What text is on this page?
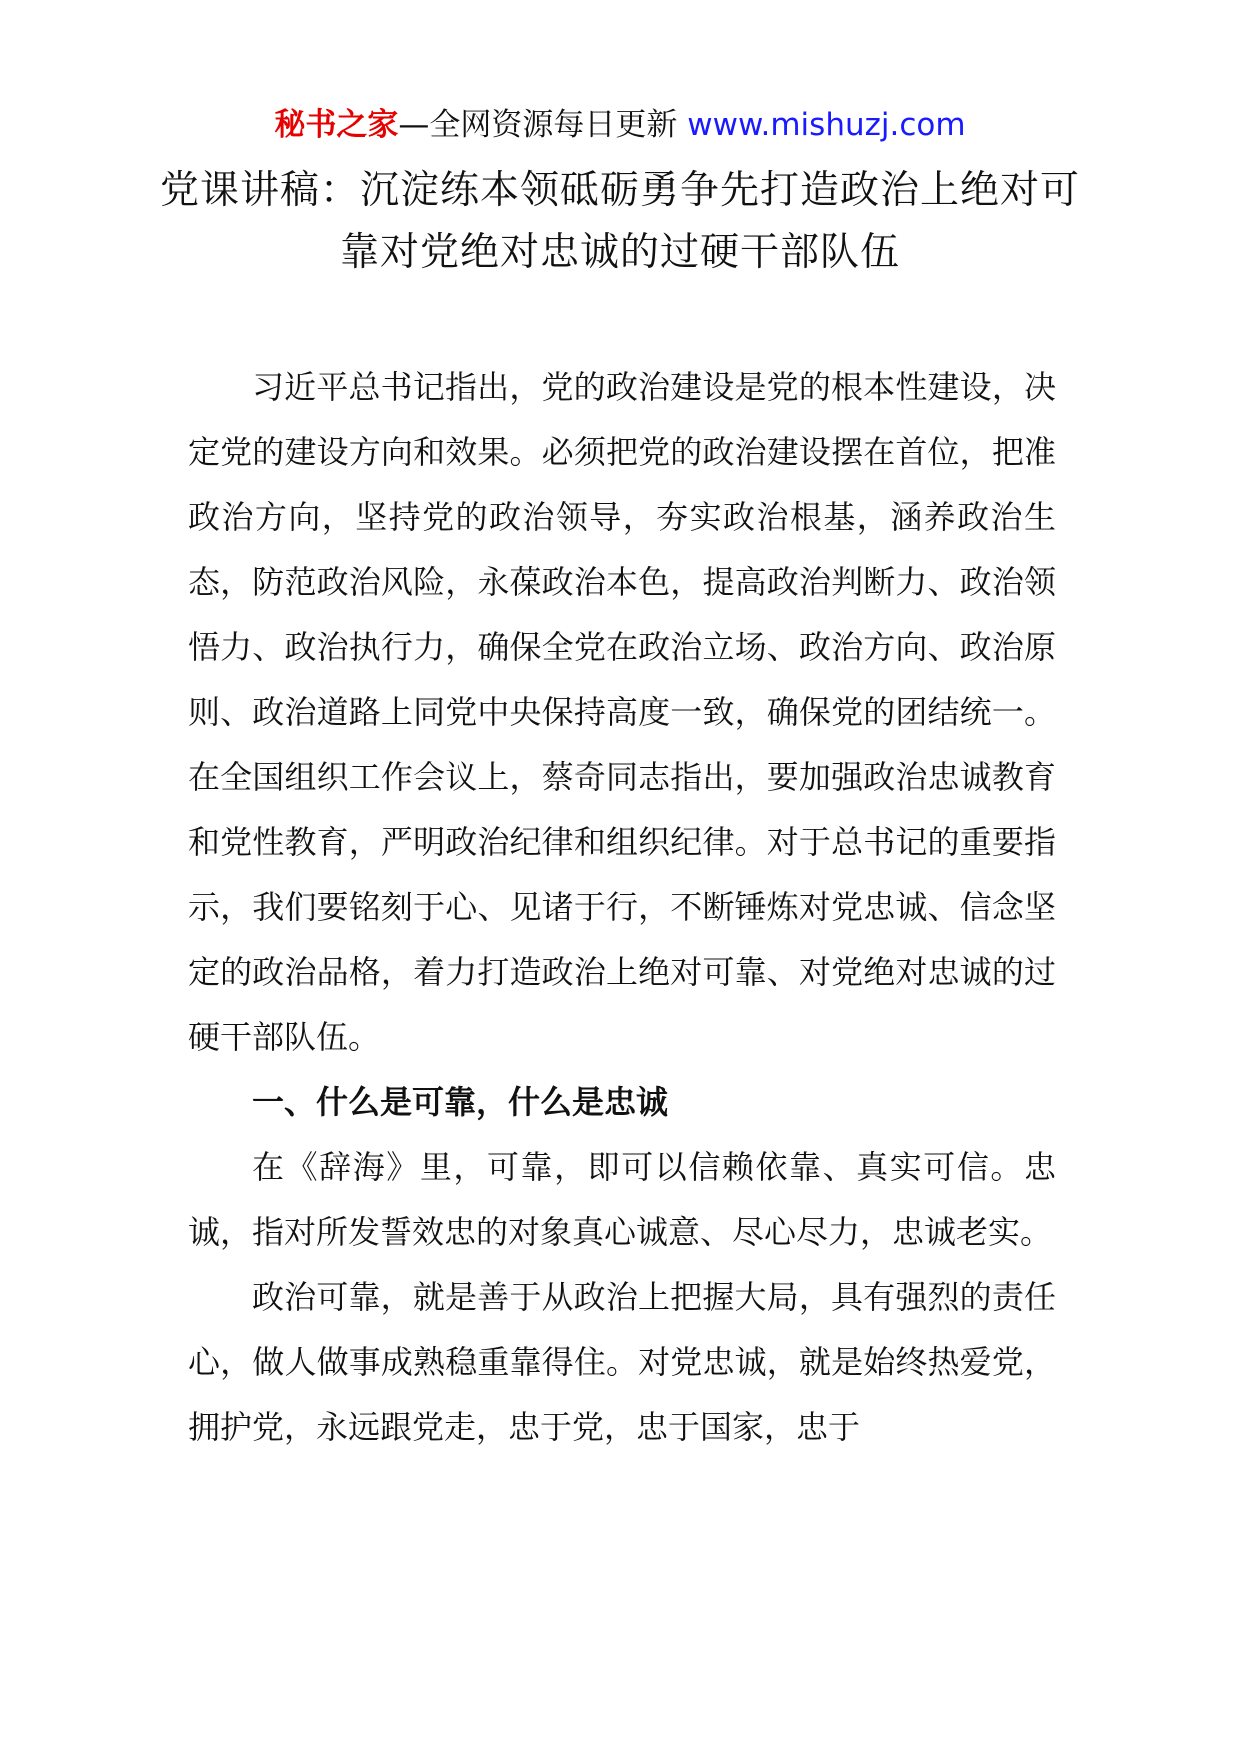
秘书之家—全网资源每日更新 www.mishuzj.com
党课讲稿：沉淀练本领砥砺勇争先打造政治上绝对可靠对党绝对忠诚的过硬干部队伍

习近平总书记指出，党的政治建设是党的根本性建设，决定党的建设方向和效果。必须把党的政治建设摆在首位，把准政治方向，坚持党的政治领导，夯实政治根基，涵养政治生态，防范政治风险，永葆政治本色，提高政治判断力、政治领悟力、政治执行力，确保全党在政治立场、政治方向、政治原则、政治道路上同党中央保持高度一致，确保党的团结统一。在全国组织工作会议上，蔡奇同志指出，要加强政治忠诚教育和党性教育，严明政治纪律和组织纪律。对于总书记的重要指示，我们要铭刻于心、见诸于行，不断锤炼对党忠诚、信念坚定的政治品格，着力打造政治上绝对可靠、对党绝对忠诚的过硬干部队伍。

一、什么是可靠，什么是忠诚

在《辞海》里，可靠，即可以信赖依靠、真实可信。忠诚，指对所发誓效忠的对象真心诚意、尽心尽力，忠诚老实。

政治可靠，就是善于从政治上把握大局，具有强烈的责任心，做人做事成熟稳重靠得住。对党忠诚，就是始终热爱党，拥护党，永远跟党走，忠于党，忠于国家，忠于
